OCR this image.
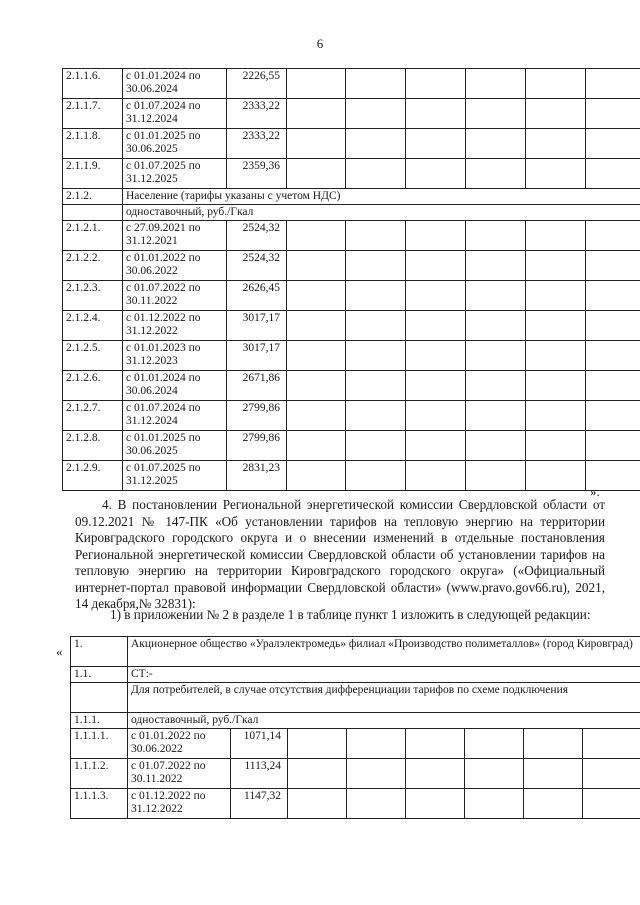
6
2.1.1.6.	с 01.01.2024 по
30.06.2024	2226,55						
2.1.1.7.	с 01.07.2024 по
31.12.2024	2333,22						
2.1.1.8.	с 01.01.2025 по
30.06.2025	2333,22						
2.1.1.9.	с 01.07.2025 по
31.12.2025	2359,36						
2.1.2.	Население (тарифы указаны с учетом НДС)							
	одноставочный, руб./Гкал							
2.1.2.1.	с 27.09.2021 по
31.12.2021	2524,32						
2.1.2.2.	с 01.01.2022 по
30.06.2022	2524,32						
2.1.2.3.	с 01.07.2022 по
30.11.2022	2626,45						
2.1.2.4.	с 01.12.2022 по
31.12.2022	3017,17						
2.1.2.5.	с 01.01.2023 по
31.12.2023	3017,17						
2.1.2.6.	с 01.01.2024 по
30.06.2024	2671,86						
2.1.2.7.	с 01.07.2024 по
31.12.2024	2799,86						
2.1.2.8.	с 01.01.2025 по
30.06.2025	2799,86						
2.1.2.9.	с 01.07.2025 по
31.12.2025	2831,23						
».
4. В постановлении Региональной энергетической комиссии Свердловской области от 09.12.2021 № 147-ПК «Об установлении тарифов на тепловую энергию на территории Кировградского городского округа и о внесении изменений в отдельные постановления Региональной энергетической комиссии Свердловской области об установлении тарифов на тепловую энергию на территории Кировградского городского округа» («Официальный интернет-портал правовой информации Свердловской области» (www.pravo.gov66.ru), 2021, 14 декабря,№ 32831):
1) в приложении № 2 в разделе 1 в таблице пункт 1 изложить в следующей редакции:
« 1.	Акционерное общество «Уралэлектромедь» филиал «Производство полиметаллов» (город Кировград)							
1.1.	СТ:-							
	Для потребителей, в случае отсутствия дифференциации тарифов по схеме подключения							
1.1.1.	одноставочный, руб./Гкал							
1.1.1.1.	с 01.01.2022 по
30.06.2022	1071,14						
1.1.1.2.	с 01.07.2022 по
30.11.2022	1113,24						
1.1.1.3.	с 01.12.2022 по
31.12.2022	1147,32						
